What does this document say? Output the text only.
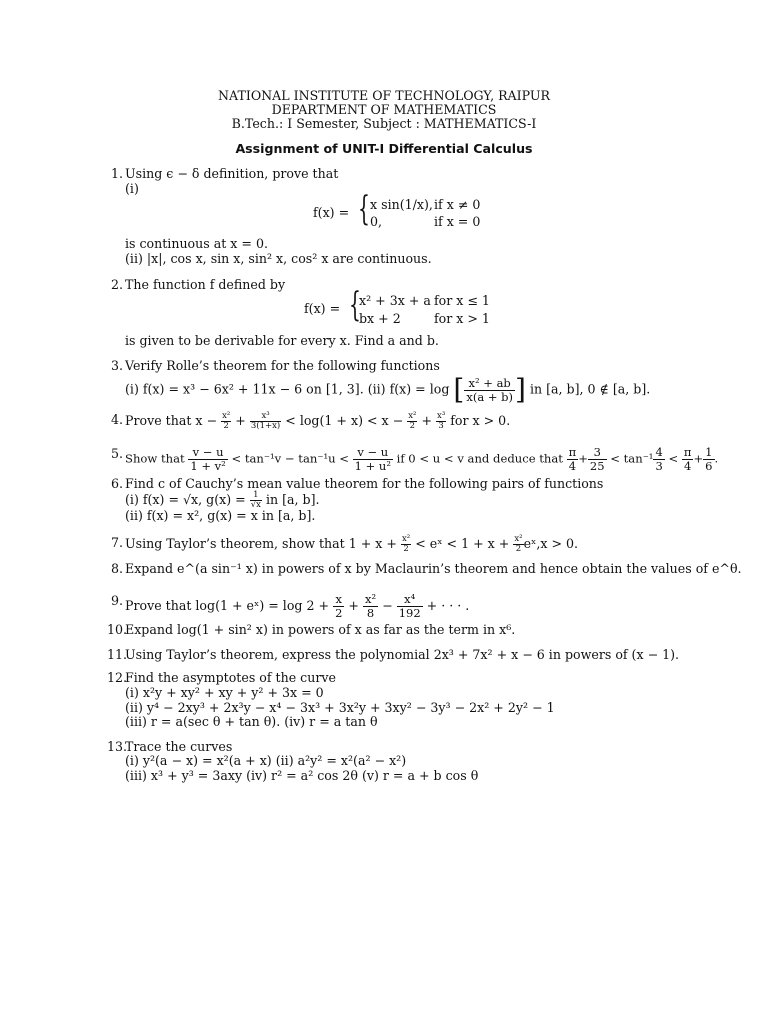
NATIONAL INSTITUTE OF TECHNOLOGY, RAIPUR
DEPARTMENT OF MATHEMATICS
B.Tech.: I Semester, Subject : MATHEMATICS-I
Assignment of UNIT-I Differential Calculus
1. Using ϵ − δ definition, prove that
(i)
f(x) = { x sin(1/x), if x ≠ 0
0,	if x = 0
is continuous at x = 0.
(ii) |x|, cos x, sin x, sin² x, cos² x are continuous.
2. The function f defined by
f(x) = {
x² + 3x + a for x ≤ 1
bx + 2	for x > 1
is given to be derivable for every x. Find a and b.
3. Verify Rolle’s theorem for the following functions
(i) f(x) = x³ − 6x² + 11x − 6 on [1, 3]. (ii) f(x) = log [ $\frac{\text{x² + ab}}{x(a + b)}$ ] in [a, b], 0 ∉ [a, b].
4. Prove that $x - \frac{\text{x²}}{2} + \frac{\text{x³}}{3(1+x)} < \log(1 + x) < x - \frac{\text{x²}}{2} + \frac{\text{x³}}{3}$ for x > 0.
5. Show that $\frac{v - u}{\text{1 + v²}} < \tan^{-1}v - \tan^{-1}u < \frac{v - u}{\text{1 + u²}}$ if 0 < u < v and deduce that $\frac{\pi}{4} + \frac{3}{25} < \tan^{-1} \frac{4}{3} < \frac{\pi}{4} + \frac{1}{6}$ .
6. Find c of Cauchy’s mean value theorem for the following pairs of functions
(i) f(x) = √x, $g(x) = \frac{1}{√x}$ in [a, b].
(ii) f(x) = x², g(x) = x in [a, b].
7. Using Taylor’s theorem, show that $1 + x + \frac{\text{x²}}{2}$ < eˣ < $1 + x + \frac{\text{x²}}{2}$ eˣ,x > 0.
8. Expand e^(a sin⁻¹ x) in powers of x by Maclaurin’s theorem and hence obtain the values of e^θ.
9. Prove that log(1 + eˣ) = $\log 2 + \frac{x}{2} + \frac{\text{x²}}{8} - \frac{\text{x⁴}}{192}$ + · · · .
10.
Expand log(1 + sin² x) in powers of x as far as the term in x⁶.
11.
Using Taylor’s theorem, express the polynomial 2x³ + 7x² + x − 6 in powers of (x − 1).
12.
Find the asymptotes of the curve
(i) x²y + xy² + xy + y² + 3x = 0
(ii) y⁴ − 2xy³ + 2x³y − x⁴ − 3x³ + 3x²y + 3xy² − 3y³ − 2x² + 2y² − 1
(iii) r = a(sec θ + tan θ). (iv) r = a tan θ
13.
Trace the curves
(i) y²(a − x) = x²(a + x) (ii) a²y² = x²(a² − x²)
(iii) x³ + y³ = 3axy (iv) r² = a² cos 2θ (v) r = a + b cos θ
